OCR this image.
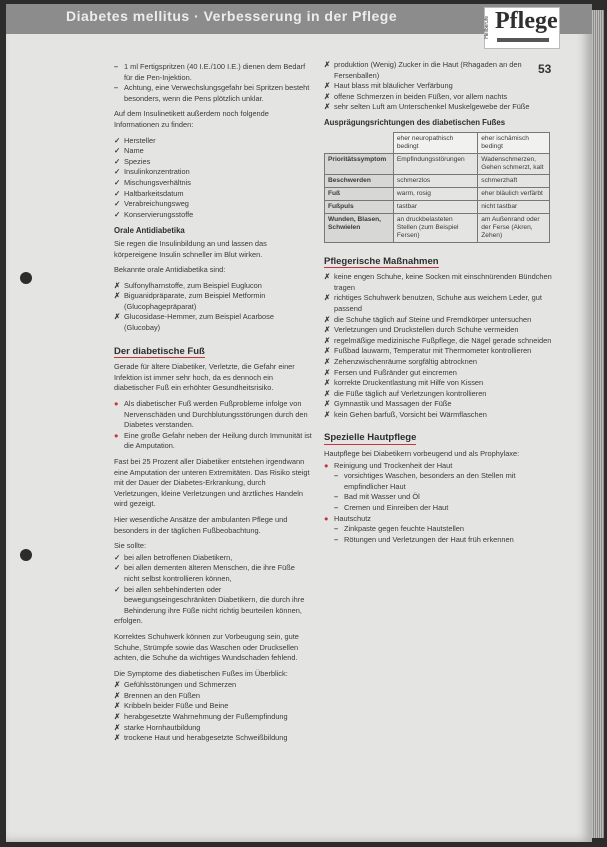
Diabetes mellitus · Verbesserung in der Pflege	Heilberufe Pflege
53
– 1 ml Fertigspritzen (40 I.E./100 I.E.) dienen dem Bedarf für die Pen-Injektion.
– Achtung, eine Verwechslungsgefahr bei Spritzen besteht besonders, wenn die Pens plötzlich unklar.

Auf dem Insulinetikett außerdem noch folgende Informationen zu finden:

✓ Hersteller
✓ Name
✓ Spezies
✓ Insulinkonzentration
✓ Mischungsverhältnis
✓ Haltbarkeitsdatum
✓ Verabreichungsweg
✓ Konservierungsstoffe
Orale Antidiabetika

Sie regen die Insulinbildung an und lassen das körpereigene Insulin schneller im Blut wirken.

Bekannte orale Antidiabetika sind:

✗ Sulfonylharnstoffe, zum Beispiel Euglucon
✗ Biguanidpräparate, zum Beispiel Metformin (Glucophagepräparat)
✗ Glucosidase-Hemmer, zum Beispiel Acarbose (Glucobay)
Der diabetische Fuß

Gerade für ältere Diabetiker, Verletzte, die Gefahr einer Infektion ist immer sehr hoch, da es dennoch ein diabetischer Fuß ein erhöhter Gesundheitsrisiko.

● Als diabetischer Fuß werden Fußprobleme infolge von Nervenschäden und Durchblutungsstörungen durch den Diabetes verstanden.
● Eine große Gefahr neben der Heilung durch Immunität ist die Amputation.

Fast bei 25 Prozent aller Diabetiker entstehen irgendwann eine Amputation der unteren Extremitäten. Das Risiko steigt mit der Dauer der Diabetes-Erkrankung, durch Verletzungen, kleine Verletzungen und ärztliches Handeln wird gezeigt.

Hier wesentliche Ansätze der ambulanten Pflege und besonders in der täglichen Fußbeobachtung.

Sie sollte:

✓ bei allen betroffenen Diabetikern,
✓ bei allen dementen älteren Menschen, die ihre Füße nicht selbst kontrollieren können,
✓ bei allen sehbehinderten oder bewegungseingeschränkten Diabetikern, die durch ihre Behinderung ihre Füße nicht richtig beurteilen können,

erfolgen.

Korrektes Schuhwerk können zur Vorbeugung sein, gute Schuhe, Strümpfe sowie das Waschen oder Drucksellen achten, die Schuhe da wichtiges Wundschaden fehlend.

Die Symptome des diabetischen Fußes im Überblick:

✗ Gefühlsstörungen und Schmerzen
✗ Brennen an den Füßen
✗ Kribbeln beider Füße und Beine
✗ herabgesetzte Wahrnehmung der Fußempfindung
✗ starke Hornhautbildung
✗ trockene Haut und herabgesetzte Schweißbildung
✗ produktion (Wenig) Zucker in die Haut (Rhagaden an den Fersenballen)
✗ Haut blass mit bläulicher Verfärbung
✗ offene Schmerzen in beiden Füßen, vor allem nachts
✗ sehr selten Luft am Unterschenkel Muskelgewebe der Füße
Ausprägungsrichtungen des diabetischen Fußes
	eher neuropathisch bedingt	eher ischämisch bedingt
Prioritätssymptom	Empfindungsstörungen	Wadenschmerzen, Gehen schmerzt, kalt
Beschwerden	schmerzlos	schmerzhaft
Fuß	warm, rosig	eher bläulich verfärbt
Fußpuls	tastbar	nicht tastbar
Wunden, Blasen, Schwielen	an druckbelasteten Stellen (zum Beispiel Fersen)	am Außenrand oder der Ferse (Akren, Zehen)
Pflegerische Maßnahmen
✗ keine engen Schuhe, keine Socken mit einschnürenden Bündchen tragen
✗ richtiges Schuhwerk benutzen, Schuhe aus weichem Leder, gut passend
✗ die Schuhe täglich auf Steine und Fremdkörper untersuchen
✗ Verletzungen und Druckstellen durch Schuhe vermeiden
✗ regelmäßige medizinische Fußpflege, die Nägel gerade schneiden
✗ Fußbad lauwarm, Temperatur mit Thermometer kontrollieren
✗ Zehenzwischenräume sorgfältig abtrocknen
✗ Fersen und Fußränder gut eincremen
✗ korrekte Druckentlastung mit Hilfe von Kissen
✗ die Füße täglich auf Verletzungen kontrollieren
✗ Gymnastik und Massagen der Füße
✗ kein Gehen barfuß, Vorsicht bei Wärmflaschen
Spezielle Hautpflege

Hautpflege bei Diabetikern vorbeugend und als Prophylaxe:

● Reinigung und Trockenheit der Haut
– vorsichtiges Waschen, besonders an den Stellen mit empfindlicher Haut
– Bad mit Wasser und Öl
– Cremen und Einreiben der Haut
● Hautschutz
– Zinkpaste gegen feuchte Hautstellen
– Rötungen und Verletzungen der Haut früh erkennen
